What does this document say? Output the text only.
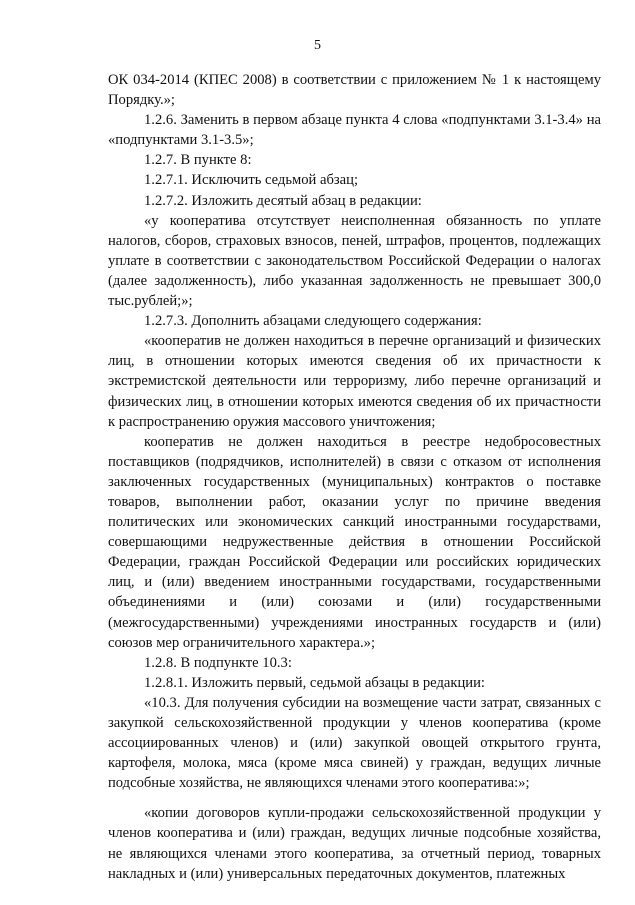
5

ОК 034-2014 (КПЕС 2008) в соответствии с приложением № 1 к настоящему Порядку.»;

1.2.6. Заменить в первом абзаце пункта 4 слова «подпунктами 3.1-3.4» на «подпунктами 3.1-3.5»;

1.2.7. В пункте 8:

1.2.7.1. Исключить седьмой абзац;

1.2.7.2. Изложить десятый абзац в редакции:

«у кооператива отсутствует неисполненная обязанность по уплате налогов, сборов, страховых взносов, пеней, штрафов, процентов, подлежащих уплате в соответствии с законодательством Российской Федерации о налогах (далее задолженность), либо указанная задолженность не превышает 300,0 тыс.рублей;»;

1.2.7.3. Дополнить абзацами следующего содержания:

«кооператив не должен находиться в перечне организаций и физических лиц, в отношении которых имеются сведения об их причастности к экстремистской деятельности или терроризму, либо перечне организаций и физических лиц, в отношении которых имеются сведения об их причастности к распространению оружия массового уничтожения;

кооператив не должен находиться в реестре недобросовестных поставщиков (подрядчиков, исполнителей) в связи с отказом от исполнения заключенных государственных (муниципальных) контрактов о поставке товаров, выполнении работ, оказании услуг по причине введения политических или экономических санкций иностранными государствами, совершающими недружественные действия в отношении Российской Федерации, граждан Российской Федерации или российских юридических лиц, и (или) введением иностранными государствами, государственными объединениями и (или) союзами и (или) государственными (межгосударственными) учреждениями иностранных государств и (или) союзов мер ограничительного характера.»;

1.2.8. В подпункте 10.3:

1.2.8.1. Изложить первый, седьмой абзацы в редакции:

«10.3. Для получения субсидии на возмещение части затрат, связанных с закупкой сельскохозяйственной продукции у членов кооператива (кроме ассоциированных членов) и (или) закупкой овощей открытого грунта, картофеля, молока, мяса (кроме мяса свиней) у граждан, ведущих личные подсобные хозяйства, не являющихся членами этого кооператива:»;

«копии договоров купли-продажи сельскохозяйственной продукции у членов кооператива и (или) граждан, ведущих личные подсобные хозяйства, не являющихся членами этого кооператива, за отчетный период, товарных накладных и (или) универсальных передаточных документов, платежных
